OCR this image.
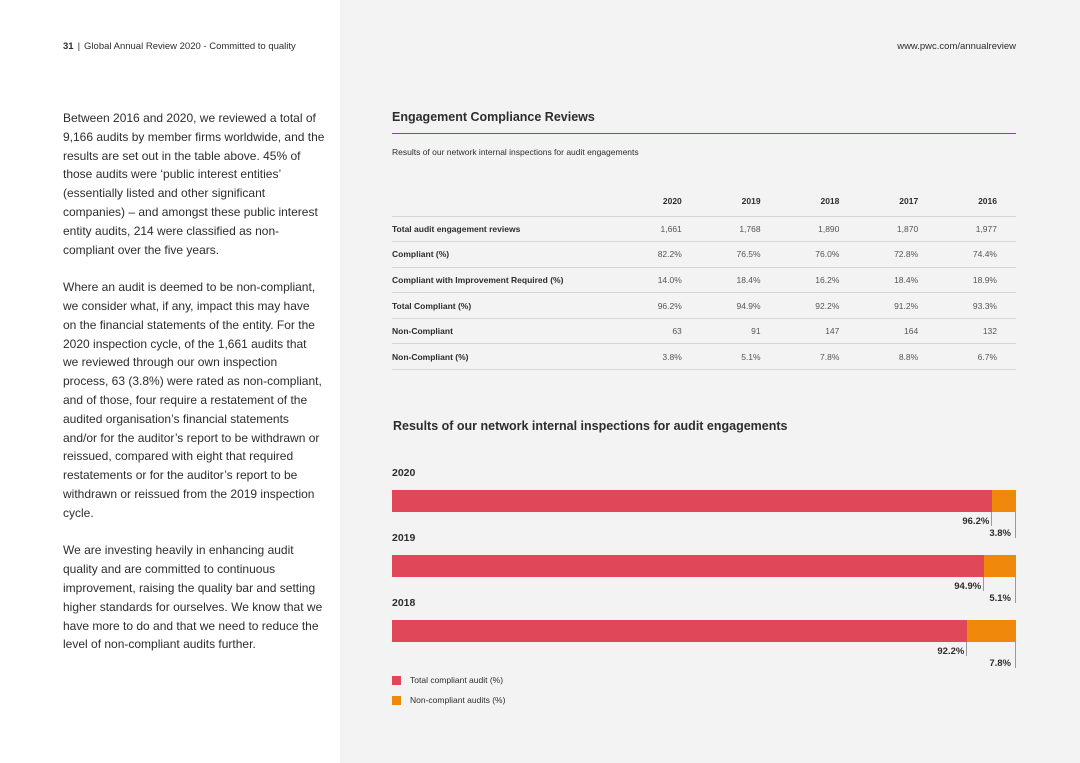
31 | Global Annual Review 2020 - Committed to quality	www.pwc.com/annualreview

Between 2016 and 2020, we reviewed a total of 9,166 audits by member firms worldwide, and the results are set out in the table above. 45% of those audits were ‘public interest entities’ (essentially listed and other significant companies) – and amongst these public interest entity audits, 214 were classified as non-compliant over the five years.

Where an audit is deemed to be non-compliant, we consider what, if any, impact this may have on the financial statements of the entity. For the 2020 inspection cycle, of the 1,661 audits that we reviewed through our own inspection process, 63 (3.8%) were rated as non-compliant, and of those, four require a restatement of the audited organisation’s financial statements and/or for the auditor’s report to be withdrawn or reissued, compared with eight that required restatements or for the auditor’s report to be withdrawn or reissued from the 2019 inspection cycle.

We are investing heavily in enhancing audit quality and are committed to continuous improvement, raising the quality bar and setting higher standards for ourselves. We know that we have more to do and that we need to reduce the level of non-compliant audits further.

Engagement Compliance Reviews
Results of our network internal inspections for audit engagements
	2020	2019	2018	2017	2016
Total audit engagement reviews	1,661	1,768	1,890	1,870	1,977
Compliant (%)	82.2%	76.5%	76.0%	72.8%	74.4%
Compliant with Improvement Required (%)	14.0%	18.4%	16.2%	18.4%	18.9%
Total Compliant (%)	96.2%	94.9%	92.2%	91.2%	93.3%
Non-Compliant	63	91	147	164	132
Non-Compliant (%)	3.8%	5.1%	7.8%	8.8%	6.7%
Results of our network internal inspections for audit engagements
2020
96.2%
3.8%
2019
94.9%
5.1%
2018
92.2%
7.8%
Total compliant audit (%)
Non-compliant audits (%)
